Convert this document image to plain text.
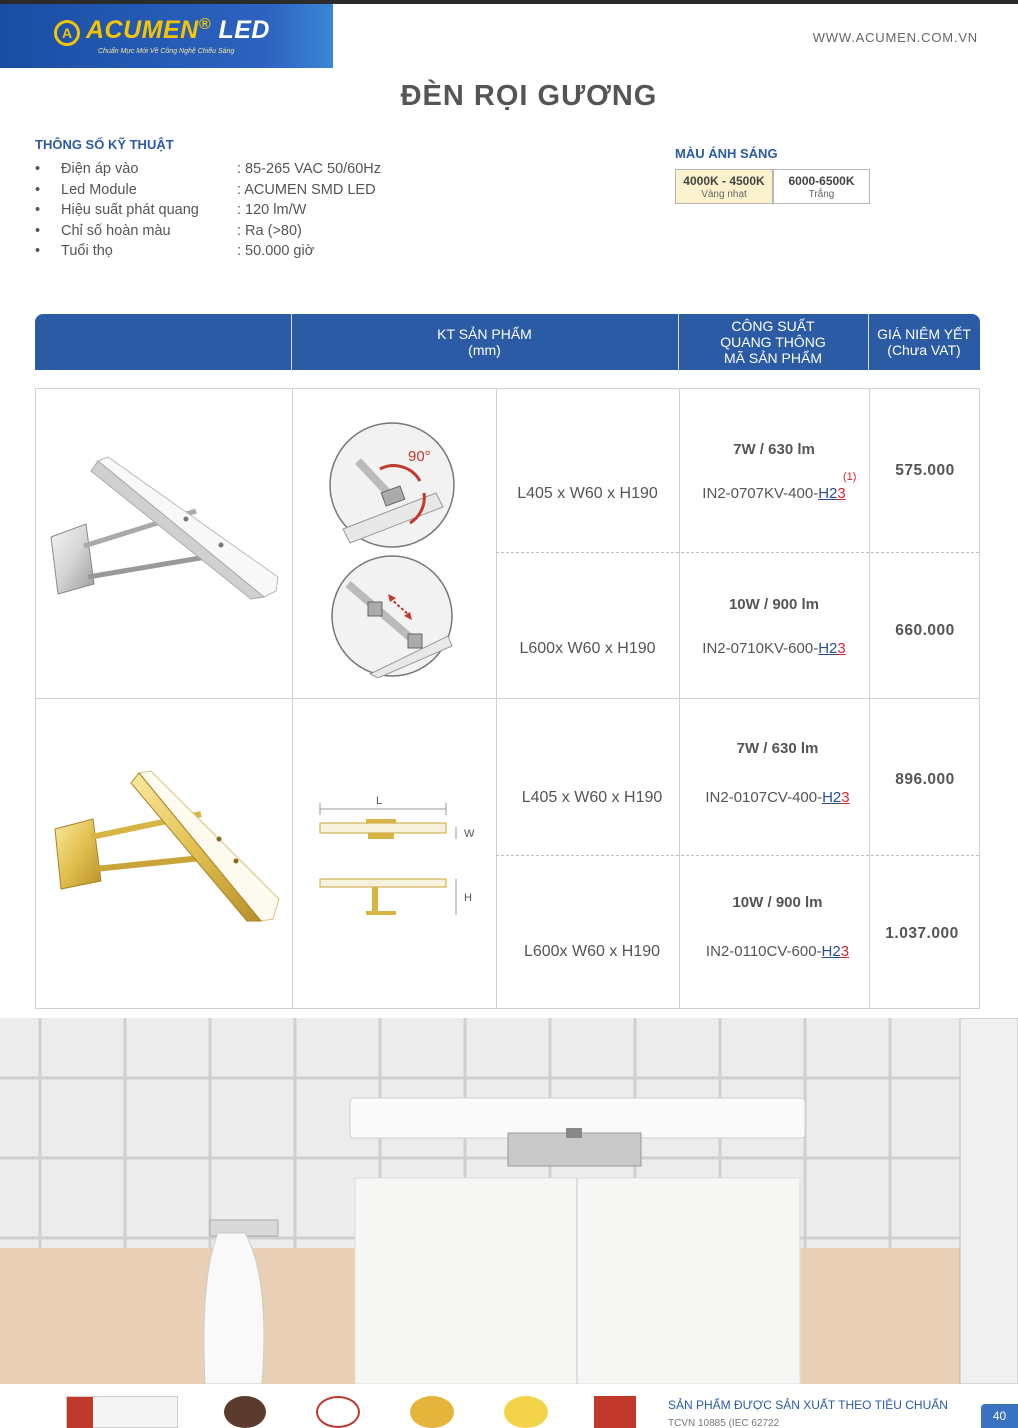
A ACUMEN® LED
Chuẩn Mực Mới Về Công Nghệ Chiếu Sáng
WWW.ACUMEN.COM.VN
ĐÈN RỌI GƯƠNG
THÔNG SỐ KỸ THUẬT
•	Điện áp vào	: 85-265 VAC 50/60Hz
•	Led Module	: ACUMEN SMD LED
•	Hiệu suất phát quang	: 120 lm/W
•	Chỉ số hoàn màu	: Ra (>80)
•	Tuổi thọ	: 50.000 giờ
MÀU ÁNH SÁNG
4000K - 4500K
Vàng nhạt
6000-6500K
Trắng
KT SẢN PHẨM
(mm)
CÔNG SUẤT
QUANG THÔNG
MÃ SẢN PHẨM
GIÁ NIÊM YẾT
(Chưa VAT)
90°
L
W
H
L405 x W60 x H190
7W / 630 lm
(1)
IN2-0707KV-400-H23
575.000
L600x W60 x H190
10W / 900 lm
IN2-0710KV-600-H23
660.000
L405 x W60 x H190
7W / 630 lm
IN2-0107CV-400-H23
896.000
L600x W60 x H190
10W / 900 lm
IN2-0110CV-600-H23
1.037.000
SẢN PHẨM ĐƯỢC SẢN XUẤT THEO TIÊU CHUẨN
TCVN 10885 (IEC 62722
40
